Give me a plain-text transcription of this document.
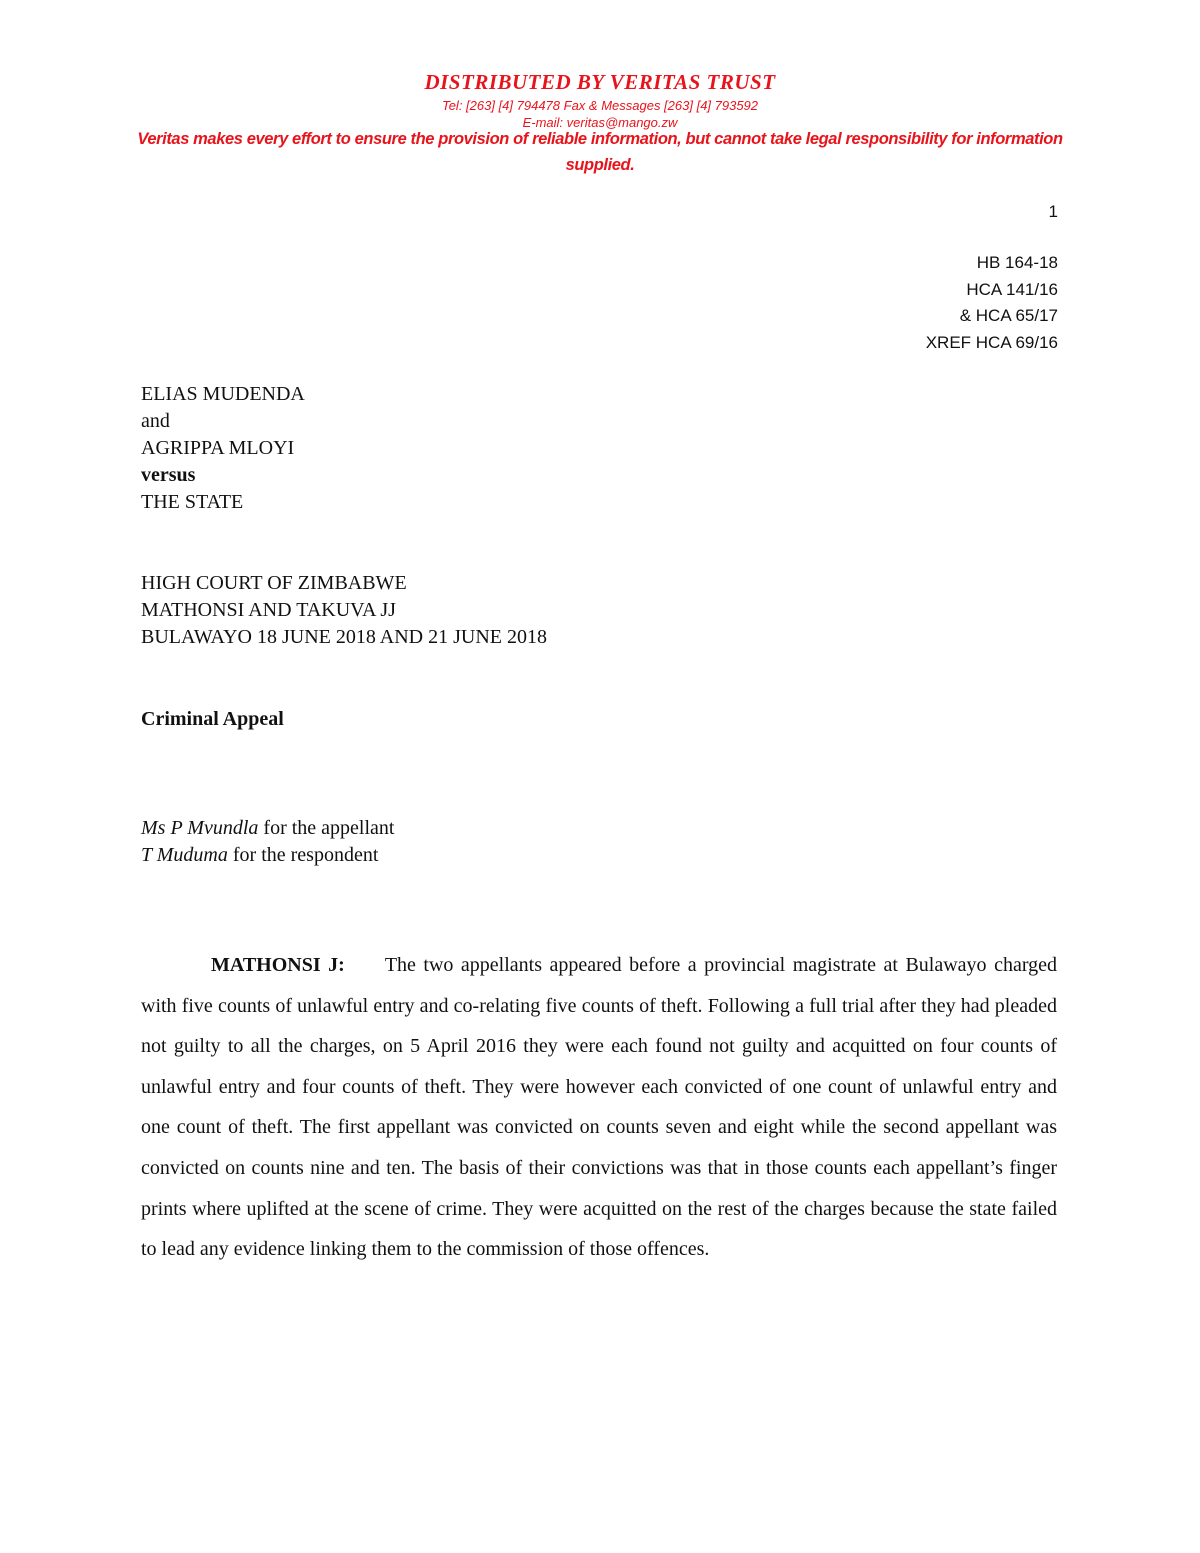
DISTRIBUTED BY VERITAS TRUST
Tel: [263] [4] 794478 Fax & Messages [263] [4] 793592
E-mail: veritas@mango.zw
Veritas makes every effort to ensure the provision of reliable information, but cannot take legal responsibility for information supplied.
1
HB 164-18
HCA 141/16
& HCA 65/17
XREF HCA 69/16
ELIAS MUDENDA
and
AGRIPPA MLOYI
versus
THE STATE
HIGH COURT OF ZIMBABWE
MATHONSI AND TAKUVA JJ
BULAWAYO 18 JUNE 2018 AND 21 JUNE 2018
Criminal Appeal
Ms P Mvundla for the appellant
T Muduma for the respondent
MATHONSI J: The two appellants appeared before a provincial magistrate at Bulawayo charged with five counts of unlawful entry and co-relating five counts of theft. Following a full trial after they had pleaded not guilty to all the charges, on 5 April 2016 they were each found not guilty and acquitted on four counts of unlawful entry and four counts of theft. They were however each convicted of one count of unlawful entry and one count of theft. The first appellant was convicted on counts seven and eight while the second appellant was convicted on counts nine and ten. The basis of their convictions was that in those counts each appellant’s finger prints where uplifted at the scene of crime. They were acquitted on the rest of the charges because the state failed to lead any evidence linking them to the commission of those offences.
